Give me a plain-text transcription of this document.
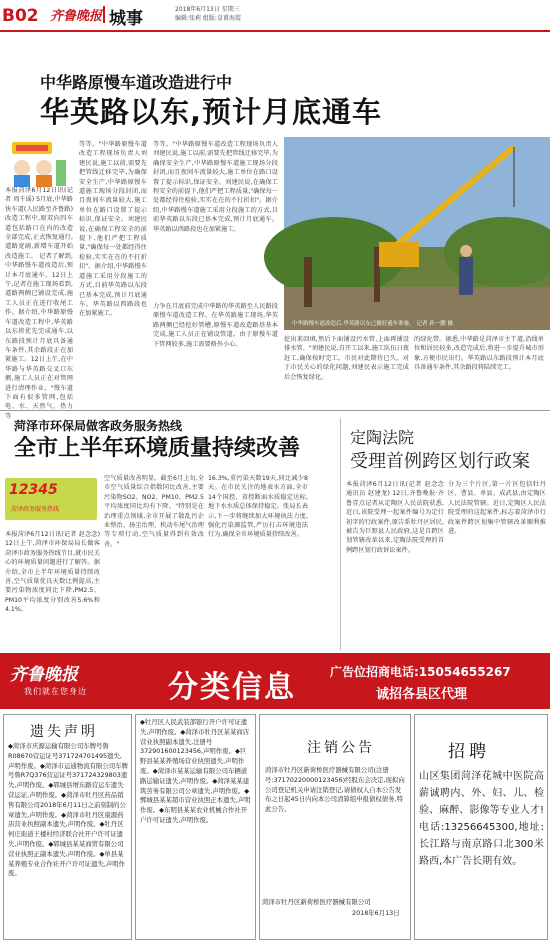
B02 齐鲁晚报 城事	2018年6月13日 星期三
编辑:张莉 组版:皇甫海霞
中华路原慢车道改造进行中
华英路以东,预计月底通车
本报菏泽6月12日讯(记者 周千谣) 5月底,中华路快车道(人民路至齐鲁路)改造工程中,原双向四车道包括路口在内的改造全部完成,正式恢复通行,道路宽阔,新增车道开始改造施工。 记者了解到,中华路慢车道改造后,预计本月底通车。12日上午,记者在施工现场看到,道路两侧已铺设完成,施工人员正在进行收尾工作。据介绍,中华路原慢车道改造工程中,华英路以东将优先完成通车,以东路段预计月底具备通车条件,其余路段正在加紧施工。12日上午,在中华路与华英路交叉口东侧,施工人员正在对管网进行清理作业。"慢车道下面有很多管网,包括电、水、天然气、热力等
等等。"中华路原慢车道改造工程现场负责人刘建民说,施工以前,需要先把管线迁移完毕,为确保安全生产,中华路原慢车道施工现场分段封闭,而且夜间车流量较大,施工单位在路口设置了提示标识,保证安全。刘建民说,在确保工程安全的前提下,他们严把工程质量,"确保每一处都经得住检验,实实在在的不打折扣"。据介绍,中华路慢车道施工采用分段施工的方式,目前华英路以东段已基本完成,预计月底通车。华英路以西路段也在加紧施工。
等等。"中华路原慢车道改造工程现场负责人刘建民说,施工以前,需要先把管线迁移完毕,为确保安全生产,中华路原慢车道施工现场分段封闭,而且夜间车流量较大,施工单位在路口设置了提示标识,保证安全。刘建民说,在确保工程安全的前提下,他们严把工程质量,"确保每一处都经得住检验,实实在在的不打折扣"。据介绍,中华路慢车道施工采用分段施工的方式,目前华英路以东段已基本完成,预计月底通车。华英路以西路段也在加紧施工。
中华路慢车道改造后,华英路以东已做好通车准备。 记者 孙一鹏 摄
力争在月底前完成中华路的华英路至人民路段原慢车道改造工程。在华英路施工现场,华英路两侧已经挖好管槽,原慢车道改造路基基本完成,施工人员正在铺设管道。由于原慢车道下管网较多,施工需要格外小心。
挖出来回填,然后下面铺设污水管,上面再铺设排水管。"刘建民说,自开工以来,施工队伍日夜赶工,确保按时完工。市民对此期待已久。对于市民关心的绿化问题,刘建民表示施工完成后会恢复绿化。
的绿化带。据悉,中华路是菏泽市主干道,沿线单位和居民较多,改造完成后,将进一步提升城市形象,方便市民出行。华英路以东路段预计本月底具备通车条件,其余路段将陆续完工。
菏泽市环保局做客政务服务热线
全市上半年环境质量持续改善
12345
菏泽政务服务热线
本报菏泽6月12日讯(记者 赵念念) 12日上午,菏泽市环保局局长做客菏泽市政务服务热线节目,就市民关心的环境质量问题进行了解答。据介绍,全市上半年环境质量持续改善,空气质量优良天数比例提高,主要污染物浓度同比下降,PM2.5、PM10平均浓度分别改善5.6%和4.1%。
空气质量改善明显。截至6月上旬,全市空气质量综合指数同比改善,主要污染物SO2、NO2、PM10、PM2.5平均浓度同比均有下降。"特别是在治理重点领域,全市开展了散乱污企业整治、扬尘治理、机动车尾气治理等专项行动,空气质量得到有效改善。"
16.3%,重污染天数19天,同比减少8天。在市民关注的地表水方面,全市14个国控、省控断面水质稳定达标,地下水水质总体保持稳定。张局长表示,下一步将继续加大环境执法力度,强化污染源监管,严厉打击环境违法行为,确保全市环境质量持续改善。
定陶法院
受理首例跨区划行政案
本报菏泽6月12日讯(记者 赵念念 通讯员 赵建龙) 12日,齐鲁晚报·齐鲁壹点记者从定陶区人民法院获悉,近日,该院受理一起案件编号为定行初字的行政案件,原告系牡丹区居民,被告为巨野县人民政府,这是自跨区划管辖改革以来,定陶法院受理的首例跨区划行政诉讼案件。
分为三个片区,第一片区包括牡丹区、曹县、单县、成武县,由定陶区人民法院管辖。近日,定陶区人民法院受理的这起案件,标志着菏泽市行政案件跨区划集中管辖改革顺利推进。
齐鲁晚报
我们就在您身边	分类信息	广告位招商电话:15054655267
诚招各县区代理
遗失声明
◆菏泽市庆源运输有限公司车牌号鲁R08670营运证号371724701495遗失,声明作废。◆菏泽市运通物流有限公司车牌号鲁R7Q376营运证号371724329803遗失,声明作废。◆郓城县增东路营运车遗失营运证,声明作废。◆菏泽市牡丹区药品销售有限公司2018年6月11日之前刻制的公章遗失,声明作废。◆菏泽市牡丹区康源药店营业执照副本遗失,声明作废。◆牡丹区何庄街道王楼村经济联合社开户许可证遗失,声明作废。◆郓城县某某商贸有限公司营业执照正副本遗失,声明作废。◆单县某某养殖专业合作社开户许可证遗失,声明作废。
◆牡丹区人民武装部银行开户许可证遗失,声明作废。◆菏泽市牡丹区某某商店营业执照副本遗失,注册号372901600123456,声明作废。◆巨野县某某养殖场营业执照遗失,声明作废。◆菏泽市某某运输有限公司车辆道路运输证遗失,声明作废。◆菏泽某某建筑劳务有限公司公章遗失,声明作废。◆鄄城县某某超市营业执照正本遗失,声明作废。◆东明县某某农业机械合作社开户许可证遗失,声明作废。
注销公告
菏泽市牡丹区新荷桥医疗器械有限公司(注册号:37170220000123456)经股东会决定,现拟向公司登记机关申请注销登记,请债权人自本公告发布之日起45日内向本公司清算组申报债权债务,特此公告。
菏泽市牡丹区新荷桥医疗器械有限公司
2018年6月13日
招聘
山区集团菏泽花城中医院高薪诚聘内、外、妇、儿、检验、麻醉、影像等专业人才!电话:13256645300,地址:长江路与南京路口北300米路西,本广告长期有效。
